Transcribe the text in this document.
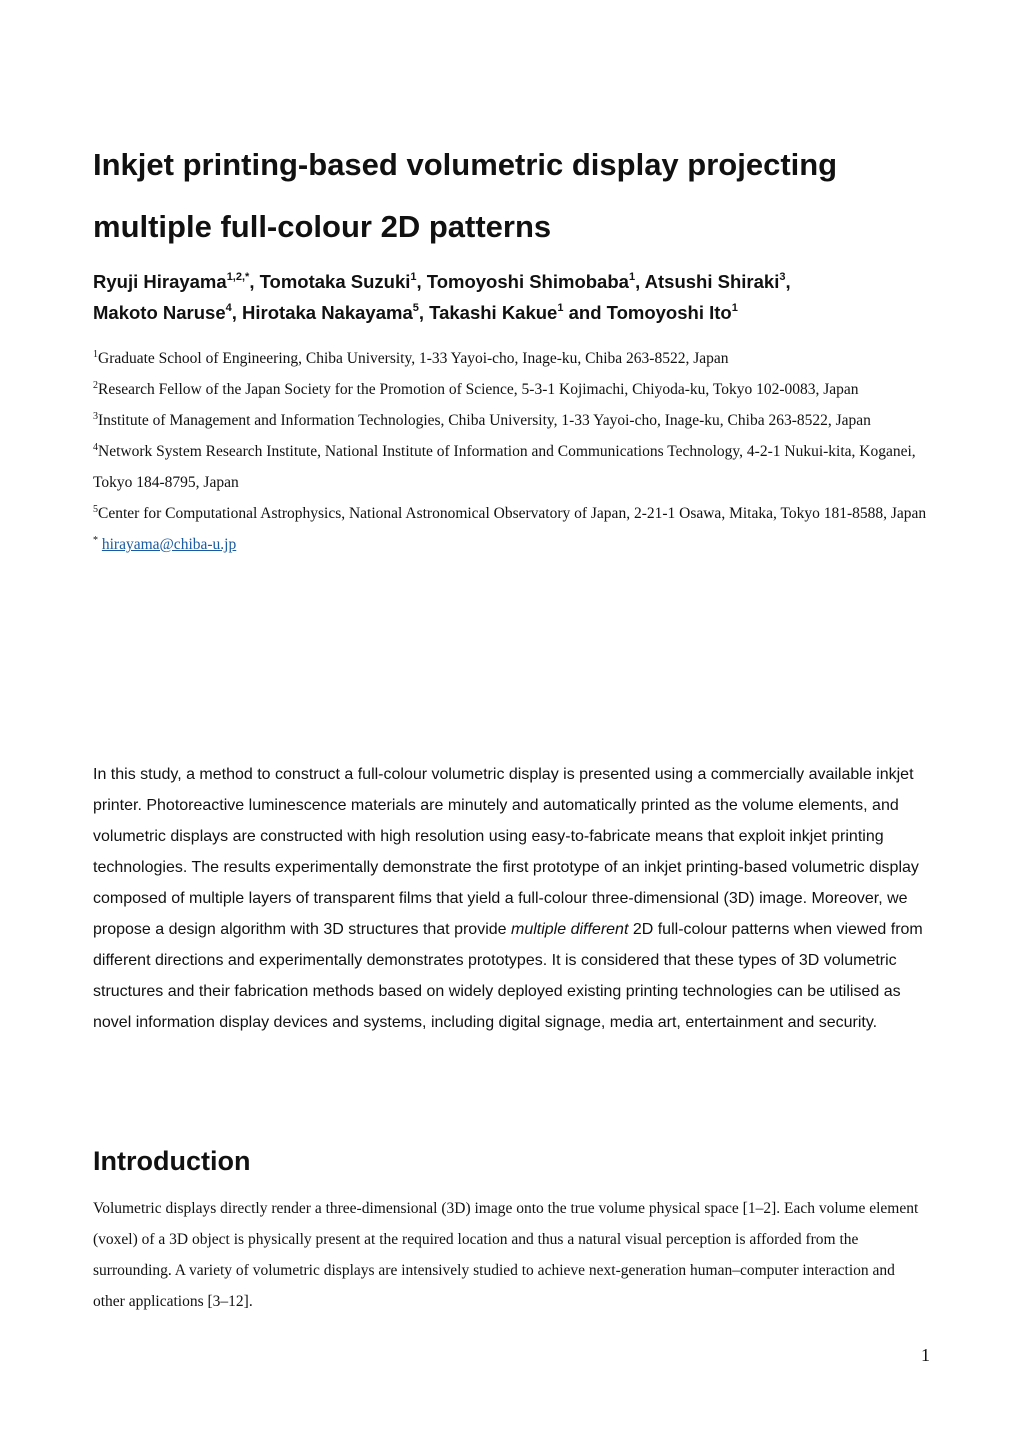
Inkjet printing-based volumetric display projecting multiple full-colour 2D patterns
Ryuji Hirayama$^{1,2,*}$, Tomotaka Suzuki$^1$, Tomoyoshi Shimobaba$^1$, Atsushi Shiraki$^3$,
Makoto Naruse$^4$, Hirotaka Nakayama$^5$, Takashi Kakue$^1$ and Tomoyoshi Ito$^1$
$^1$Graduate School of Engineering, Chiba University, 1-33 Yayoi-cho, Inage-ku, Chiba 263-8522, Japan
$^2$Research Fellow of the Japan Society for the Promotion of Science, 5-3-1 Kojimachi, Chiyoda-ku, Tokyo 102-0083, Japan
$^3$Institute of Management and Information Technologies, Chiba University, 1-33 Yayoi-cho, Inage-ku, Chiba 263-8522, Japan
$^4$Network System Research Institute, National Institute of Information and Communications Technology, 4-2-1 Nukui-kita, Koganei, Tokyo 184-8795, Japan
$^5$Center for Computational Astrophysics, National Astronomical Observatory of Japan, 2-21-1 Osawa, Mitaka, Tokyo 181-8588, Japan
* hirayama@chiba-u.jp

In this study, a method to construct a full-colour volumetric display is presented using a commercially available inkjet printer. Photoreactive luminescence materials are minutely and automatically printed as the volume elements, and volumetric displays are constructed with high resolution using easy-to-fabricate means that exploit inkjet printing technologies. The results experimentally demonstrate the first prototype of an inkjet printing-based volumetric display composed of multiple layers of transparent films that yield a full-colour three-dimensional (3D) image. Moreover, we propose a design algorithm with 3D structures that provide multiple different 2D full-colour patterns when viewed from different directions and experimentally demonstrates prototypes. It is considered that these types of 3D volumetric structures and their fabrication methods based on widely deployed existing printing technologies can be utilised as novel information display devices and systems, including digital signage, media art, entertainment and security.

Introduction

Volumetric displays directly render a three-dimensional (3D) image onto the true volume physical space [1–2]. Each volume element (voxel) of a 3D object is physically present at the required location and thus a natural visual perception is afforded from the surrounding. A variety of volumetric displays are intensively studied to achieve next-generation human–computer interaction and other applications [3–12].

1
